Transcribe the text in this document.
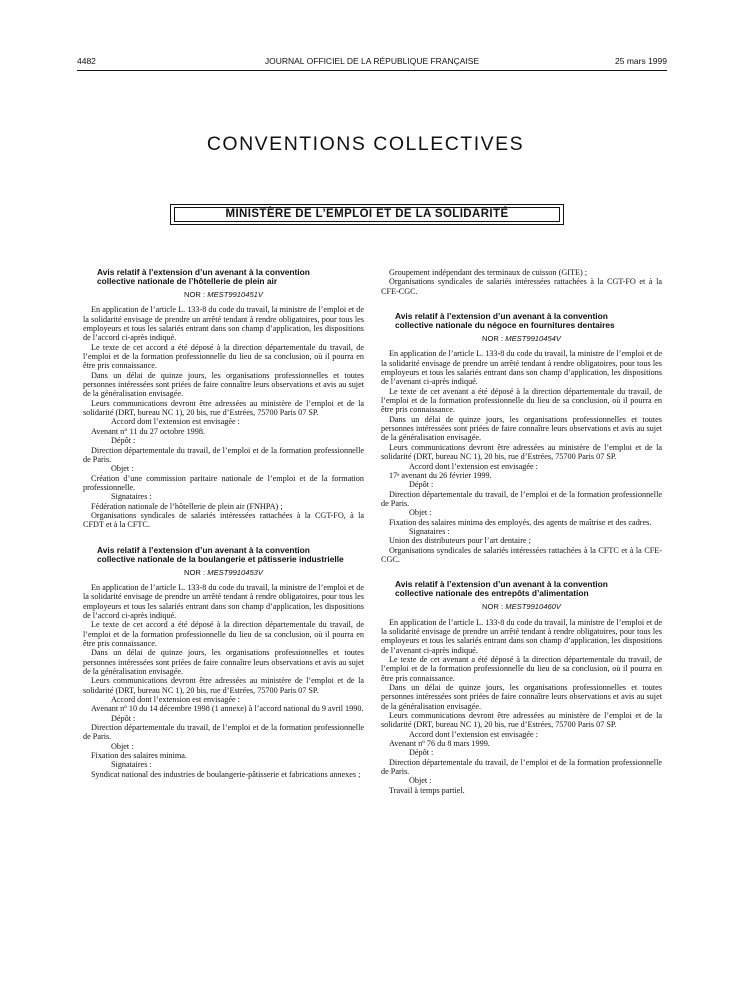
4482	JOURNAL OFFICIEL DE LA RÉPUBLIQUE FRANÇAISE	25 mars 1999
CONVENTIONS COLLECTIVES
MINISTÈRE DE L’EMPLOI ET DE LA SOLIDARITÉ
Avis relatif à l’extension d’un avenant à la convention collective nationale de l’hôtellerie de plein air
NOR : MEST9910451V

En application de l’article L. 133-8 du code du travail, la ministre de l’emploi et de la solidarité envisage de prendre un arrêté tendant à rendre obligatoires, pour tous les employeurs et tous les salariés entrant dans son champ d’application, les dispositions de l’accord ci-après indiqué.

Le texte de cet accord a été déposé à la direction départementale du travail, de l’emploi et de la formation professionnelle du lieu de sa conclusion, où il pourra en être pris connaissance.

Dans un délai de quinze jours, les organisations professionnelles et toutes personnes intéressées sont priées de faire connaître leurs observations et avis au sujet de la généralisation envisagée.

Leurs communications devront être adressées au ministère de l’emploi et de la solidarité (DRT, bureau NC 1), 20 bis, rue d’Estrées, 75700 Paris 07 SP.

Accord dont l’extension est envisagée :

Avenant n° 11 du 27 octobre 1998.

Dépôt :

Direction départementale du travail, de l’emploi et de la formation professionnelle de Paris.

Objet :

Création d’une commission paritaire nationale de l’emploi et de la formation professionnelle.

Signataires :

Fédération nationale de l’hôtellerie de plein air (FNHPA) ;

Organisations syndicales de salariés intéressées rattachées à la CGT-FO, à la CFDT et à la CFTC.

Avis relatif à l’extension d’un avenant à la convention collective nationale de la boulangerie et pâtisserie industrielle
NOR : MEST9910453V

En application de l’article L. 133-8 du code du travail, la ministre de l’emploi et de la solidarité envisage de prendre un arrêté tendant à rendre obligatoires, pour tous les employeurs et tous les salariés entrant dans son champ d’application, les dispositions de l’accord ci-après indiqué.

Le texte de cet accord a été déposé à la direction départementale du travail, de l’emploi et de la formation professionnelle du lieu de sa conclusion, où il pourra en être pris connaissance.

Dans un délai de quinze jours, les organisations professionnelles et toutes personnes intéressées sont priées de faire connaître leurs observations et avis au sujet de la généralisation envisagée.

Leurs communications devront être adressées au ministère de l’emploi et de la solidarité (DRT, bureau NC 1), 20 bis, rue d’Estrées, 75700 Paris 07 SP.

Accord dont l’extension est envisagée :

Avenant nº 10 du 14 décembre 1998 (1 annexe) à l’accord national du 9 avril 1990.

Dépôt :

Direction départementale du travail, de l’emploi et de la formation professionnelle de Paris.

Objet :

Fixation des salaires minima.

Signataires :

Syndicat national des industries de boulangerie-pâtisserie et fabrications annexes ;

Groupement indépendant des terminaux de cuisson (GITE) ;

Organisations syndicales de salariés intéressées rattachées à la CGT-FO et à la CFE-CGC.

Avis relatif à l’extension d’un avenant à la convention collective nationale du négoce en fournitures dentaires
NOR : MEST9910454V

En application de l’article L. 133-8 du code du travail, la ministre de l’emploi et de la solidarité envisage de prendre un arrêté tendant à rendre obligatoires, pour tous les employeurs et tous les salariés entrant dans son champ d’application, les dispositions de l’avenant ci-après indiqué.

Le texte de cet avenant a été déposé à la direction départementale du travail, de l’emploi et de la formation professionnelle du lieu de sa conclusion, où il pourra en être pris connaissance.

Dans un délai de quinze jours, les organisations professionnelles et toutes personnes intéressées sont priées de faire connaître leurs observations et avis au sujet de la généralisation envisagée.

Leurs communications devront être adressées au ministère de l’emploi et de la solidarité (DRT, bureau NC 1), 20 bis, rue d’Estrées, 75700 Paris 07 SP.

Accord dont l’extension est envisagée :

17ᵉ avenant du 26 février 1999.

Dépôt :

Direction départementale du travail, de l’emploi et de la formation professionnelle de Paris.

Objet :

Fixation des salaires minima des employés, des agents de maîtrise et des cadres.

Signataires :

Union des distributeurs pour l’art dentaire ;

Organisations syndicales de salariés intéressées rattachées à la CFTC et à la CFE-CGC.

Avis relatif à l’extension d’un avenant à la convention collective nationale des entrepôts d’alimentation
NOR : MEST9910460V

En application de l’article L. 133-8 du code du travail, la ministre de l’emploi et de la solidarité envisage de prendre un arrêté tendant à rendre obligatoires, pour tous les employeurs et tous les salariés entrant dans son champ d’application, les dispositions de l’avenant ci-après indiqué.

Le texte de cet avenant a été déposé à la direction départementale du travail, de l’emploi et de la formation professionnelle du lieu de sa conclusion, où il pourra en être pris connaissance.

Dans un délai de quinze jours, les organisations professionnelles et toutes personnes intéressées sont priées de faire connaître leurs observations et avis au sujet de la généralisation envisagée.

Leurs communications devront être adressées au ministère de l’emploi et de la solidarité (DRT, bureau NC 1), 20 bis, rue d’Estrées, 75700 Paris 07 SP.

Accord dont l’extension est envisagée :

Avenant nº 76 du 8 mars 1999.

Dépôt :

Direction départementale du travail, de l’emploi et de la formation professionnelle de Paris.

Objet :

Travail à temps partiel.
